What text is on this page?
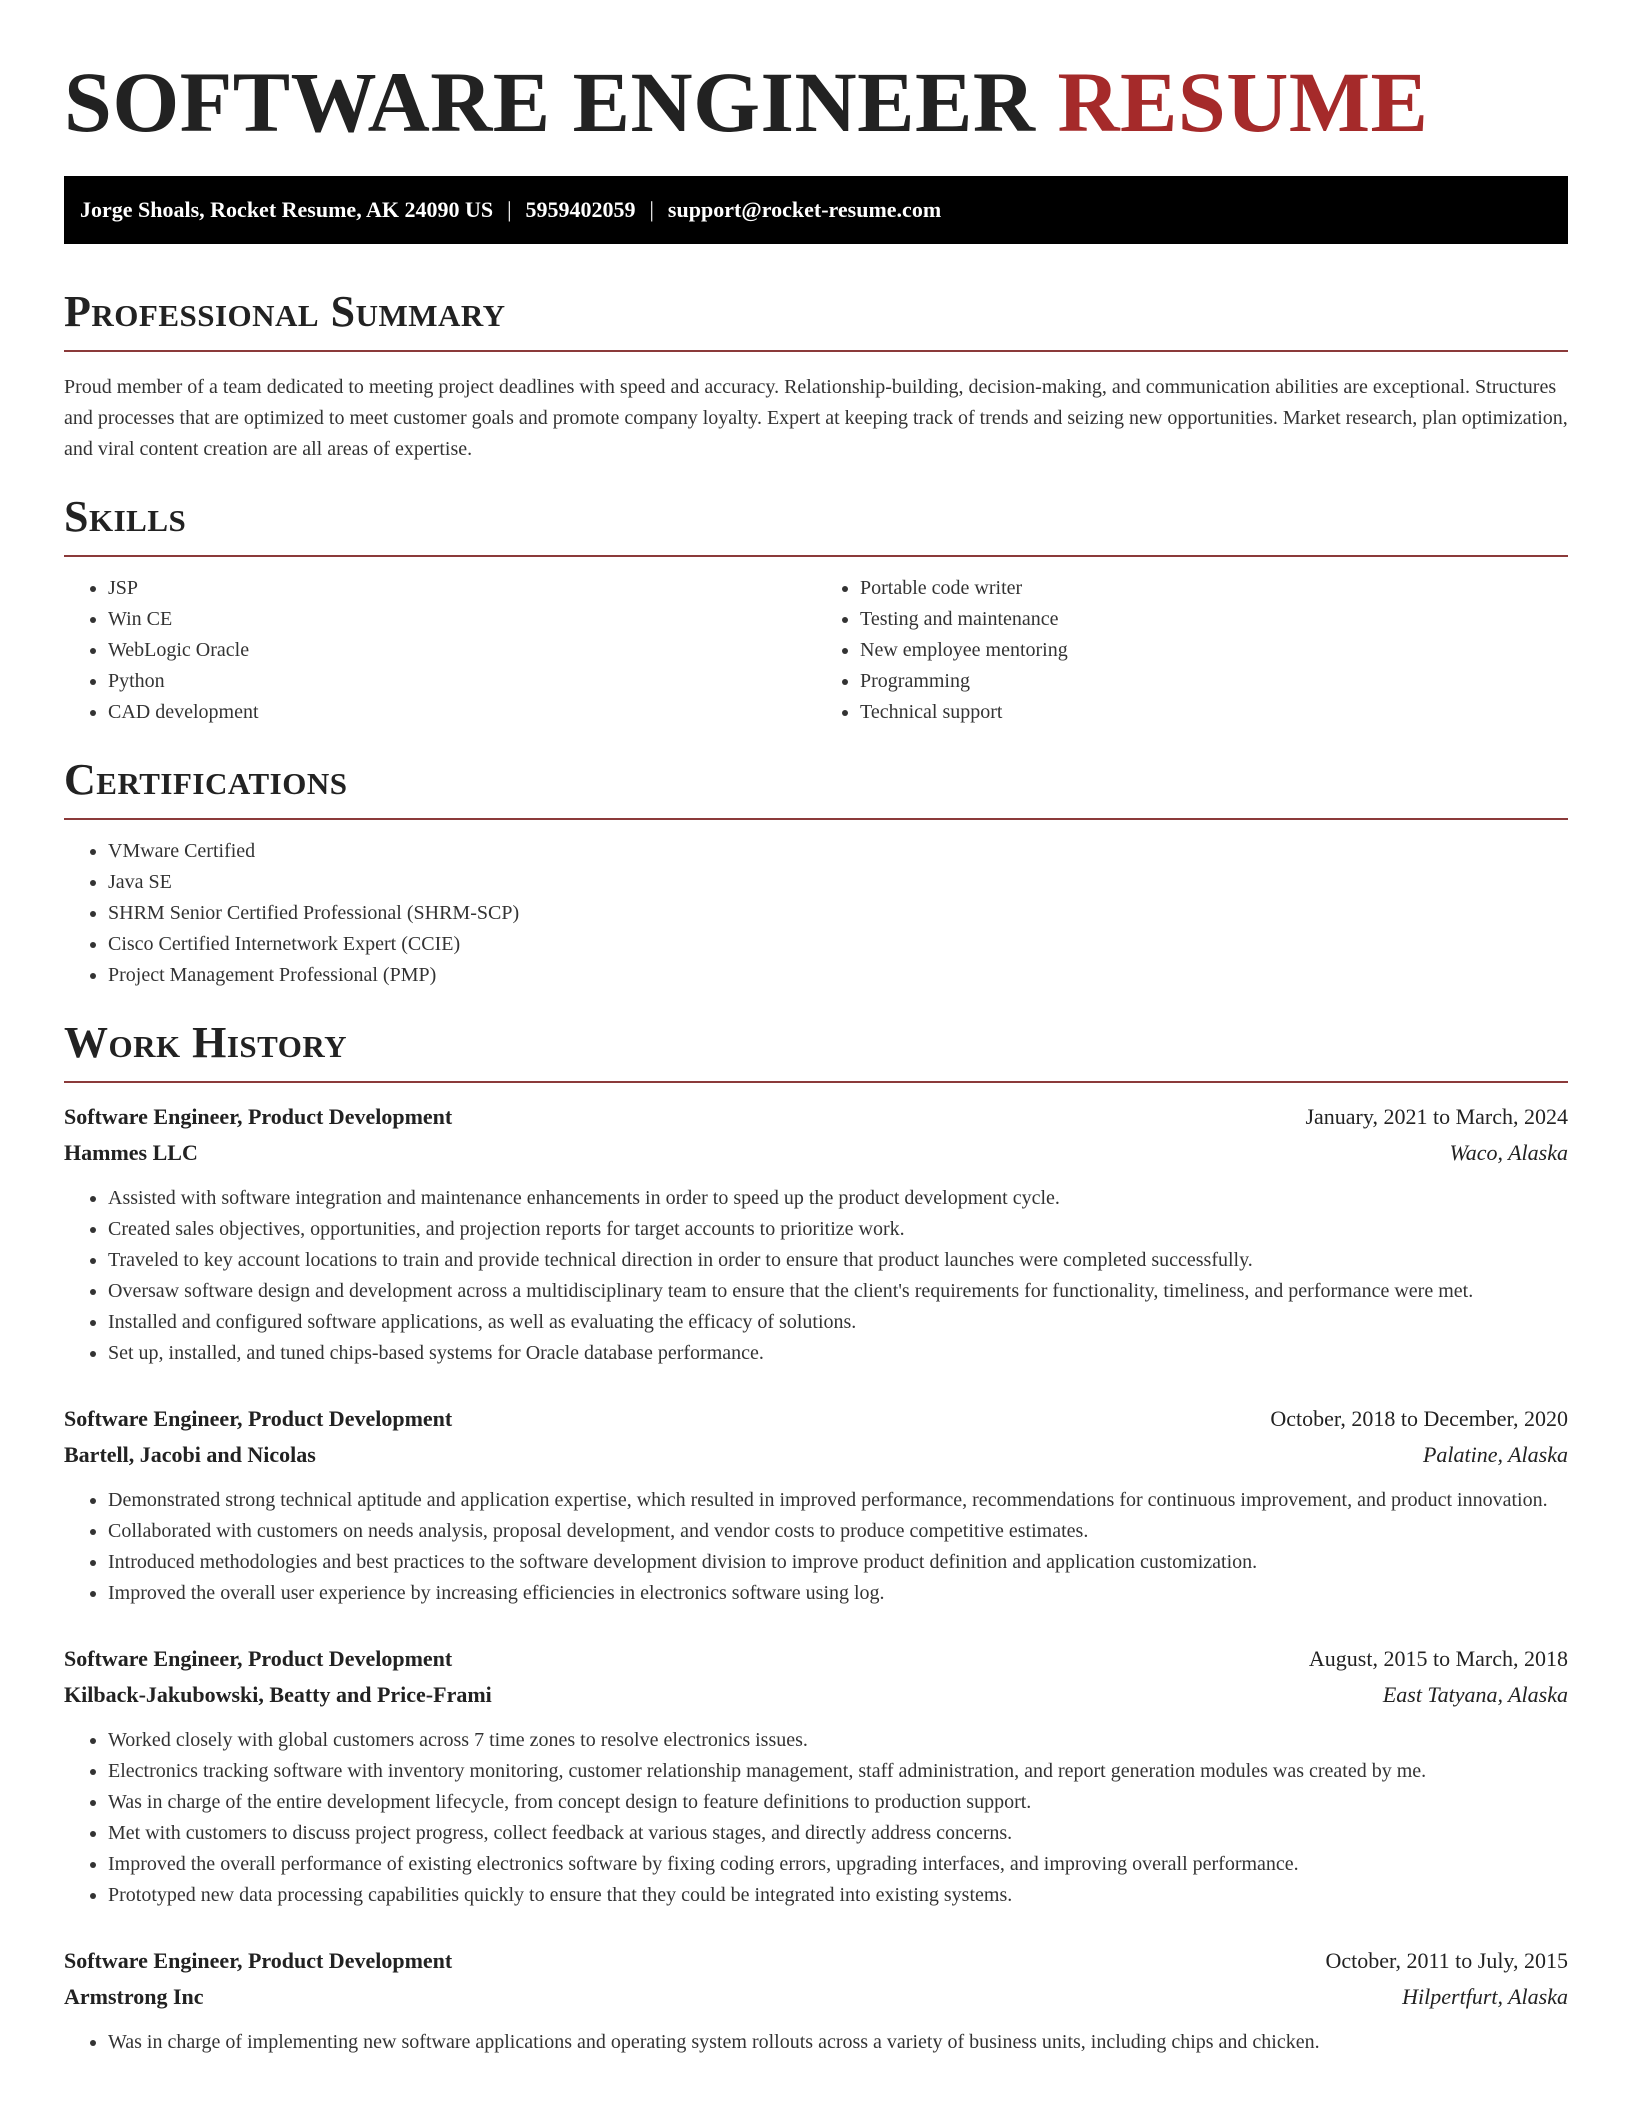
SOFTWARE ENGINEER RESUME
Jorge Shoals, Rocket Resume, AK 24090 US | 5959402059 | support@rocket-resume.com
Professional Summary

Proud member of a team dedicated to meeting project deadlines with speed and accuracy. Relationship-building, decision-making, and communication abilities are exceptional. Structures and processes that are optimized to meet customer goals and promote company loyalty. Expert at keeping track of trends and seizing new opportunities. Market research, plan optimization, and viral content creation are all areas of expertise.

Skills
• JSP
• Win CE
• WebLogic Oracle
• Python
• CAD development
• Portable code writer
• Testing and maintenance
• New employee mentoring
• Programming
• Technical support
Certifications
• VMware Certified
• Java SE
• SHRM Senior Certified Professional (SHRM-SCP)
• Cisco Certified Internetwork Expert (CCIE)
• Project Management Professional (PMP)
Work History
Software Engineer, Product Development	January, 2021 to March, 2024
Hammes LLC	Waco, Alaska
• Assisted with software integration and maintenance enhancements in order to speed up the product development cycle.
• Created sales objectives, opportunities, and projection reports for target accounts to prioritize work.
• Traveled to key account locations to train and provide technical direction in order to ensure that product launches were completed successfully.
• Oversaw software design and development across a multidisciplinary team to ensure that the client's requirements for functionality, timeliness, and performance were met.
• Installed and configured software applications, as well as evaluating the efficacy of solutions.
• Set up, installed, and tuned chips-based systems for Oracle database performance.
Software Engineer, Product Development	October, 2018 to December, 2020
Bartell, Jacobi and Nicolas	Palatine, Alaska
• Demonstrated strong technical aptitude and application expertise, which resulted in improved performance, recommendations for continuous improvement, and product innovation.
• Collaborated with customers on needs analysis, proposal development, and vendor costs to produce competitive estimates.
• Introduced methodologies and best practices to the software development division to improve product definition and application customization.
• Improved the overall user experience by increasing efficiencies in electronics software using log.
Software Engineer, Product Development	August, 2015 to March, 2018
Kilback-Jakubowski, Beatty and Price-Frami	East Tatyana, Alaska
• Worked closely with global customers across 7 time zones to resolve electronics issues.
• Electronics tracking software with inventory monitoring, customer relationship management, staff administration, and report generation modules was created by me.
• Was in charge of the entire development lifecycle, from concept design to feature definitions to production support.
• Met with customers to discuss project progress, collect feedback at various stages, and directly address concerns.
• Improved the overall performance of existing electronics software by fixing coding errors, upgrading interfaces, and improving overall performance.
• Prototyped new data processing capabilities quickly to ensure that they could be integrated into existing systems.
Software Engineer, Product Development	October, 2011 to July, 2015
Armstrong Inc	Hilpertfurt, Alaska
• Was in charge of implementing new software applications and operating system rollouts across a variety of business units, including chips and chicken.
